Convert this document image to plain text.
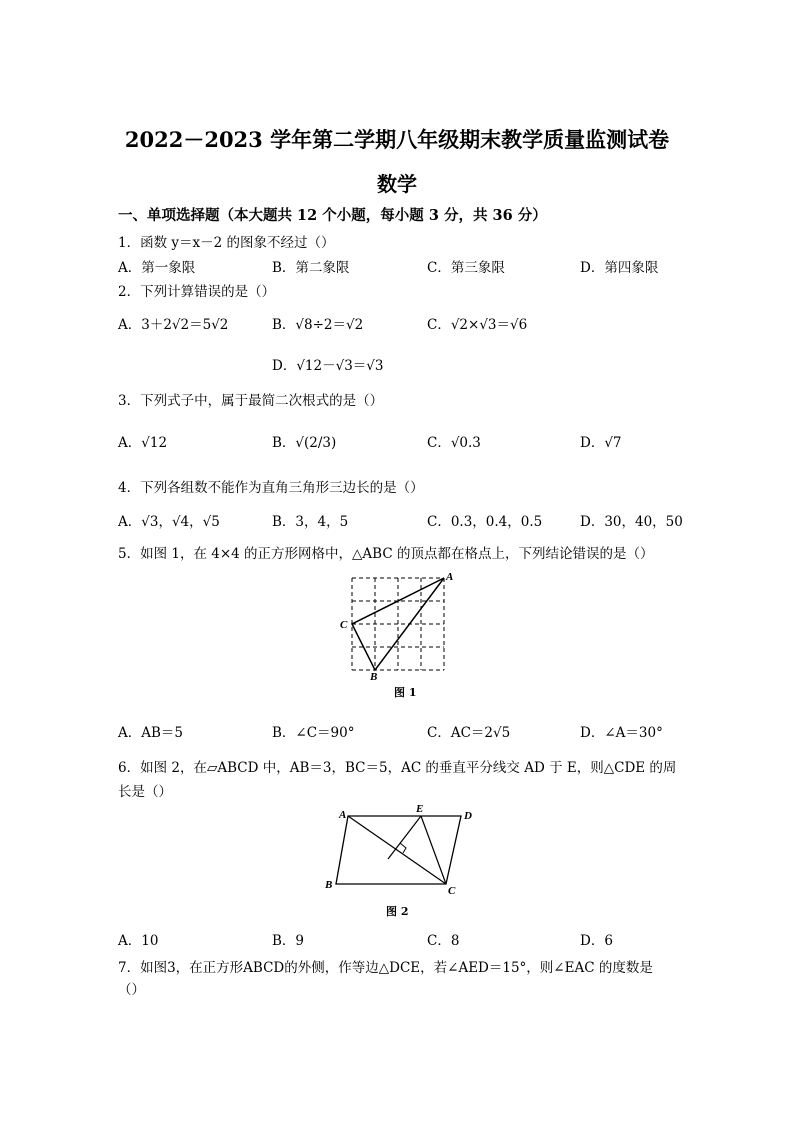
2022－2023 学年第二学期八年级期末教学质量监测试卷
数学
一、单项选择题（本大题共 12 个小题，每小题 3 分，共 36 分）
1．函数 y＝x－2 的图象不经过（）
A．第一象限	B．第二象限	C．第三象限	D．第四象限
2．下列计算错误的是（）
A．3＋2√2＝5√2	B．√8÷2＝√2	C．√2×√3＝√6
D．√12－√3＝√3
3．下列式子中，属于最简二次根式的是（）
A．√12	B．√(2/3)	C．√0.3	D．√7
4．下列各组数不能作为直角三角形三边长的是（）
A．√3，√4，√5	B．3，4，5	C．0.3，0.4，0.5	D．30，40，50
5．如图 1，在 4×4 的正方形网格中，△ABC 的顶点都在格点上，下列结论错误的是（）
A
C
B
图 1
A．AB＝5	B．∠C＝90°	C．AC＝2√5	D．∠A＝30°
6．如图 2，在▱ABCD 中，AB＝3，BC＝5，AC 的垂直平分线交 AD 于 E，则△CDE 的周
长是（）
A	E
D
B	C
图 2
A．10	B．9	C．8	D．6
7．如图3，在正方形ABCD的外侧，作等边△DCE，若∠AED＝15°，则∠EAC 的度数是
（）
